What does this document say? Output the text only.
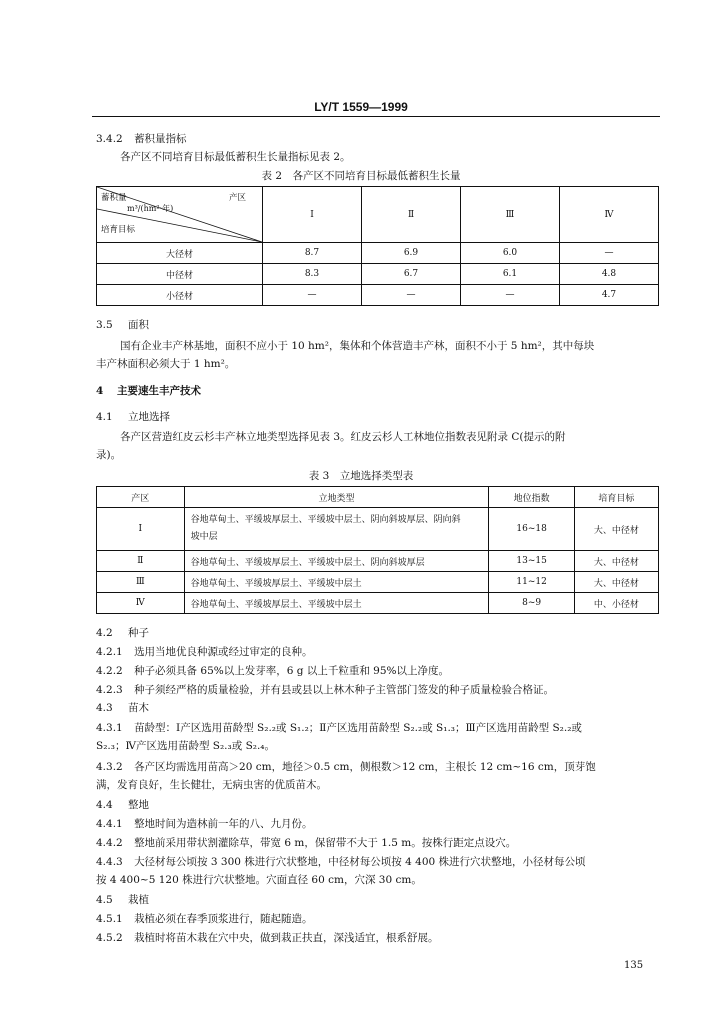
LY/T 1559—1999
3.4.2 蓄积量指标
各产区不同培育目标最低蓄积生长量指标见表 2。
表 2　各产区不同培育目标最低蓄积生长量
蓄积量
m³/(hm²·年)
产区
培育目标	Ⅰ	Ⅱ	Ⅲ	Ⅳ
大径材	8.7	6.9	6.0	—
中径材	8.3	6.7	6.1	4.8
小径材	—	—	—	4.7
3.5 面积
国有企业丰产林基地，面积不应小于 10 hm²，集体和个体营造丰产林，面积不小于 5 hm²，其中每块
丰产林面积必须大于 1 hm²。
4 主要速生丰产技术
4.1 立地选择
各产区营造红皮云杉丰产林立地类型选择见表 3。红皮云杉人工林地位指数表见附录 C(提示的附
录)。
表 3　立地选择类型表
产区	立地类型	地位指数	培育目标
Ⅰ	谷地草甸土、平缓坡厚层土、平缓坡中层土、阴向斜坡厚层、阴向斜
坡中层	16~18	大、中径材
Ⅱ	谷地草甸土、平缓坡厚层土、平缓坡中层土、阴向斜坡厚层	13~15	大、中径材
Ⅲ	谷地草甸土、平缓坡厚层土、平缓坡中层土	11~12	大、中径材
Ⅳ	谷地草甸土、平缓坡厚层土、平缓坡中层土	8~9	中、小径材
4.2 种子
4.2.1 选用当地优良种源或经过审定的良种。
4.2.2 种子必须具备 65%以上发芽率，6 g 以上千粒重和 95%以上净度。
4.2.3 种子须经严格的质量检验，并有县或县以上林木种子主管部门签发的种子质量检验合格证。
4.3 苗木
4.3.1 苗龄型：Ⅰ产区选用苗龄型 S₂.₂或 S₁.₂；Ⅱ产区选用苗龄型 S₂.₂或 S₁.₃；Ⅲ产区选用苗龄型 S₂.₂或
S₂.₃；Ⅳ产区选用苗龄型 S₂.₃或 S₂.₄。
4.3.2 各产区均需选用苗高＞20 cm，地径＞0.5 cm，侧根数＞12 cm，主根长 12 cm~16 cm，顶芽饱
满，发育良好，生长健壮，无病虫害的优质苗木。
4.4 整地
4.4.1 整地时间为造林前一年的八、九月份。
4.4.2 整地前采用带状割灌除草，带宽 6 m，保留带不大于 1.5 m。按株行距定点设穴。
4.4.3 大径材每公顷按 3 300 株进行穴状整地，中径材每公顷按 4 400 株进行穴状整地，小径材每公顷
按 4 400~5 120 株进行穴状整地。穴面直径 60 cm，穴深 30 cm。
4.5 栽植
4.5.1 栽植必须在春季顶浆进行，随起随造。
4.5.2 栽植时将苗木栽在穴中央，做到栽正扶直，深浅适宜，根系舒展。
135
